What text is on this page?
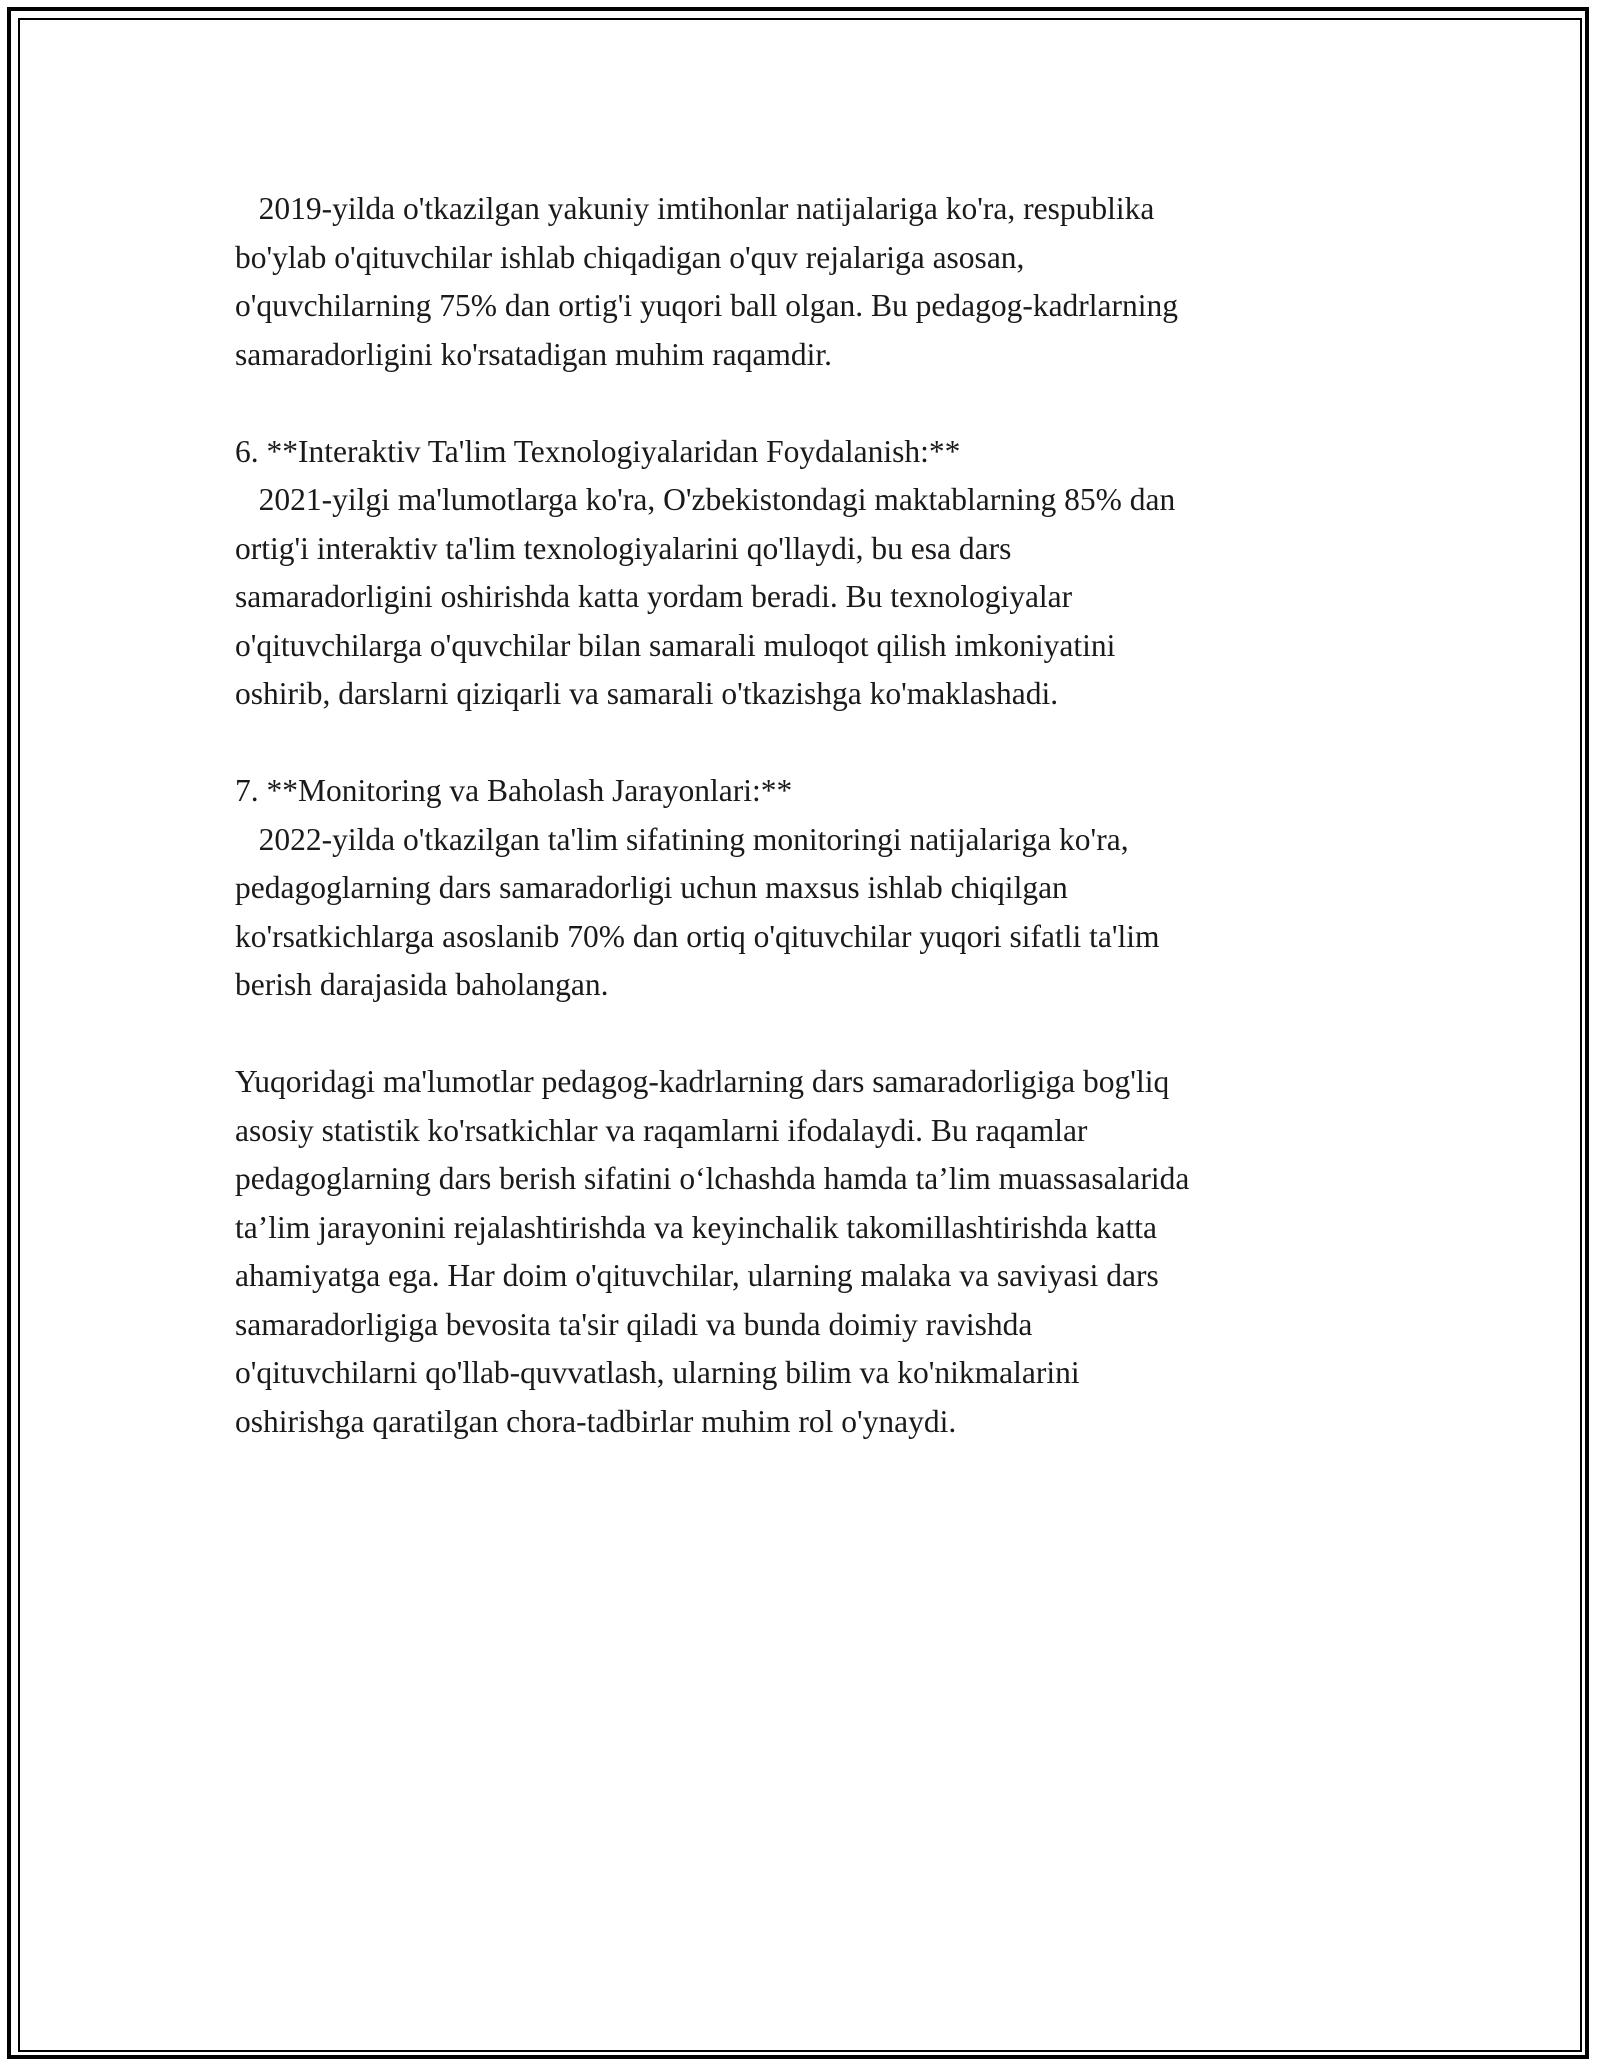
2019-yilda o'tkazilgan yakuniy imtihonlar natijalariga ko'ra, respublika

bo'ylab o'qituvchilar ishlab chiqadigan o'quv rejalariga asosan,

o'quvchilarning 75% dan ortig'i yuqori ball olgan. Bu pedagog-kadrlarning

samaradorligini ko'rsatadigan muhim raqamdir.

6. **Interaktiv Ta'lim Texnologiyalaridan Foydalanish:**

2021-yilgi ma'lumotlarga ko'ra, O'zbekistondagi maktablarning 85% dan

ortig'i interaktiv ta'lim texnologiyalarini qo'llaydi, bu esa dars

samaradorligini oshirishda katta yordam beradi. Bu texnologiyalar

o'qituvchilarga o'quvchilar bilan samarali muloqot qilish imkoniyatini

oshirib, darslarni qiziqarli va samarali o'tkazishga ko'maklashadi.

7. **Monitoring va Baholash Jarayonlari:**

2022-yilda o'tkazilgan ta'lim sifatining monitoringi natijalariga ko'ra,

pedagoglarning dars samaradorligi uchun maxsus ishlab chiqilgan

ko'rsatkichlarga asoslanib 70% dan ortiq o'qituvchilar yuqori sifatli ta'lim

berish darajasida baholangan.

Yuqoridagi ma'lumotlar pedagog-kadrlarning dars samaradorligiga bog'liq

asosiy statistik ko'rsatkichlar va raqamlarni ifodalaydi. Bu raqamlar

pedagoglarning dars berish sifatini o‘lchashda hamda ta’lim muassasalarida

ta’lim jarayonini rejalashtirishda va keyinchalik takomillashtirishda katta

ahamiyatga ega. Har doim o'qituvchilar, ularning malaka va saviyasi dars

samaradorligiga bevosita ta'sir qiladi va bunda doimiy ravishda

o'qituvchilarni qo'llab-quvvatlash, ularning bilim va ko'nikmalarini

oshirishga qaratilgan chora-tadbirlar muhim rol o'ynaydi.
